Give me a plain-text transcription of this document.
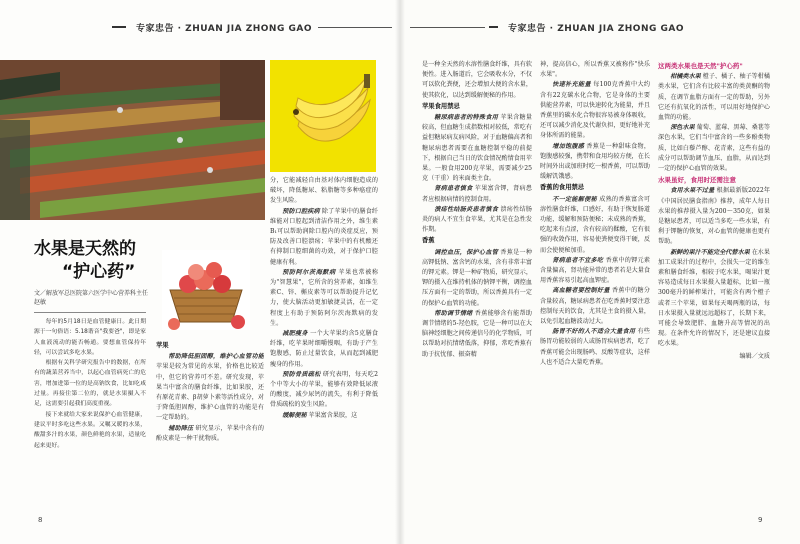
专家忠告 · ZHUAN JIA ZHONG GAO
水果是天然的
“护心药”
文／解放军总医院第六医学中心营养科主任 赵敏

每年的5月18日是血管健康日。此日期源于一句俗语：5.18谐音"我要爸"，即是家人血液流动的能否畅通。要想血管保持年轻，可以尝试多吃水果。

根据有关科学研究报告中的数据，在所有的蔬菜营养当中，以起心血管病死亡的危害，增加进第一位的是高钠饮食，比如吃咸过量。再接住第二位的，就是水果摄入不足，这需要引起我们高度重视。

接下来就给大家来说保护心血管健康，建议平时多吃这些水果。又嘱又暖的水果，酸甜多汁的水果，颜色鲜艳的水果，适量吃起来更好。

苹果

帮助降低胆固醇，维护心血管功能 苹果是较为常见的水果，价格也比较适中，但它的营养可不差。研究发现，苹果当中富含的膳食纤维，比如果胶，还有原花青素、β胡萝卜素等活性成分，对于降低胆固醇，维护心血管的功能是有一定帮助的。

辅助降压 研究显示，苹果中含有的酚皮素是一种干扰物质。

分，它能减轻自由基对体内细胞造成的破坏，降低糖尿、粘脂糖等多种癌症的发生风险。

预防口腔疾病 除了苹果中的膳食纤维能对口腔起到清洁作用之外，维生素B₁可以帮助润除口腔内的炎症反应，预防及改善口腔溃疡；苹果中的有机酸还有抑制口腔细菌的功效，对于保护口腔健康有利。

预防阿尔茨海默病 苹果也常被称为"智慧果"，它所含的营养素，如维生素C、锌、槲皮素等可以帮助提升记忆力，使大脑活动更加敏捷灵活，在一定程度上有助于预防阿尔茨海默病的发生。

减肥瘦身 一个大苹果约含5克膳食纤维，吃苹果时细嚼慢咽，有助于产生饱腹感，防止过量饮食，从而起到减肥瘦身的作用。

预防骨质疏松 研究表明，每天吃2个中等大小的苹果，能够有效降低尿液的酸度，减少尿钙的流失，有利于降低骨质疏松的发生风险。

缓解便秘 苹果富含果胶，这

8
专家忠告 · ZHUAN JIA ZHONG GAO

是一种全天然的水溶性膳食纤维，具有软便性。进入肠道后，它会吸收水分，不仅可以软化粪便，还会增加大便的含水量，使其软化，以达到缓解便秘的作用。

苹果食用禁忌

糖尿病患者的特殊食用 苹果含糖量较高，但血糖生成指数相对较低，常吃有益但糖尿病友病风险，对于血糖偏高者和糖尿病患者需要在血糖控制平稳的前提下，根据自己当日的饮食情况酌情食用苹果。一般食用200克苹果，需要减少25克（干重）的米面类主食。

肾病患者慎食 苹果富含钾，肾病患者应根据病情的控制食用。

溃疡性结肠炎患者慎食 溃疡性结肠炎的病人不宜生食苹果，尤其是在急性发作期。

香蕉

调控血压，保护心血管 香蕉是一种高钾低钠、富含钙的水果，含有非常丰富的钾元素。钾是一种矿物质，研究显示，钾的摄入在维持机体的钠钾平衡，调控血压方面有一定的帮助，所以香蕉具有一定的保护心血管的功能。

帮助调节情绪 香蕉能够含有能帮助调节情绪的5-羟色胺，它是一种可以在大脑神经细胞之间传递信号的化学物质，可以帮助对抗情绪低落，抑郁，常吃香蕉有助于抗忧郁、振奋精

神，提高信心，所以香蕉又被称作"快乐水果"。

快速补充能量 每100克香蕉中大约含有22克碳水化合物，它是身体的主要供能营养素，可以快速转化为能量，并且香蕉里的碳水化合物很容易被身体吸收，还可以减少消化及代谢负担，更好地补充身体所需的能量。

增加饱腹感 香蕉是一种甜味食物，饱腹感较强，携带和食用均较方便，在长时间外出或加班时吃一根香蕉，可以帮助缓解饥饿感。

香蕉的食用禁忌

不一定能解便秘 成熟的香蕉富含可溶性膳食纤维，口感好，有助于恢复肠道功能，缓解和预防便秘；未成熟的香蕉，吃起来有点涩，含有较高的鞣酸，它有很强的收敛作用，容易使粪便变得干硬，反而会使便秘加重。

肾病患者不宜多吃 香蕉中的钾元素含量偏高，肾功能异常的患者若是大量食用香蕉容易引起高血钾症。

高血糖者要控制好量 香蕉中的糖分含量较高，糖尿病患者在吃香蕉时要注意控制每天的饮食，尤其是主食的摄入量，以免引起血糖波动过大。

肠胃不好的人不适合大量食用 有些肠胃功能较弱的人或肠胃疾病患者，吃了香蕉可能会出现肠鸣、反酸等症状，这样人也不适合大量吃香蕉。

这两类水果也是天然"护心药"

柑橘类水果 橙子、橘子、柚子等柑橘类水果，它们含有比较丰富的类黄酮的物质，在调节血脂方面有一定的帮助，另外它还有抗氧化的活性，可以用好地保护心血管的功能。

深色水果 葡萄、蓝莓、黑莓、桑葚等深色水果，它们当中富含的一些多酚类物质，比如白藜芦醇、花青素，这些有益的成分可以帮助调节血压、血脂，从而达到一定的保护心血管的效果。

水果虽好，食用时还需注意

食用水果不过量 根据最新版2022年《中国居民膳食指南》推荐，成年人每日水果的推荐摄入量为200～350克，如果是糖尿患者，可以适当多吃一些水果，有利于钾糖的恢复，对心血管的健康也更有帮助。

新鲜的果汁不能完全代替水果 在水果加工成果汁的过程中，会损失一定的维生素和膳食纤维，相较于吃水果，喝果汁更容易造成每日水果摄入量超标，比如一瓶300毫升的鲜榨果汁，可能含有两个橙子或者三个苹果，如果每天喝两瓶的话，每日水果摄入量就远远超标了，长期下来，可能会导致肥胖、血糖升高等情况的出现。在条件允许的情况下，还是建议直接吃水果。

编辑／文质

9
